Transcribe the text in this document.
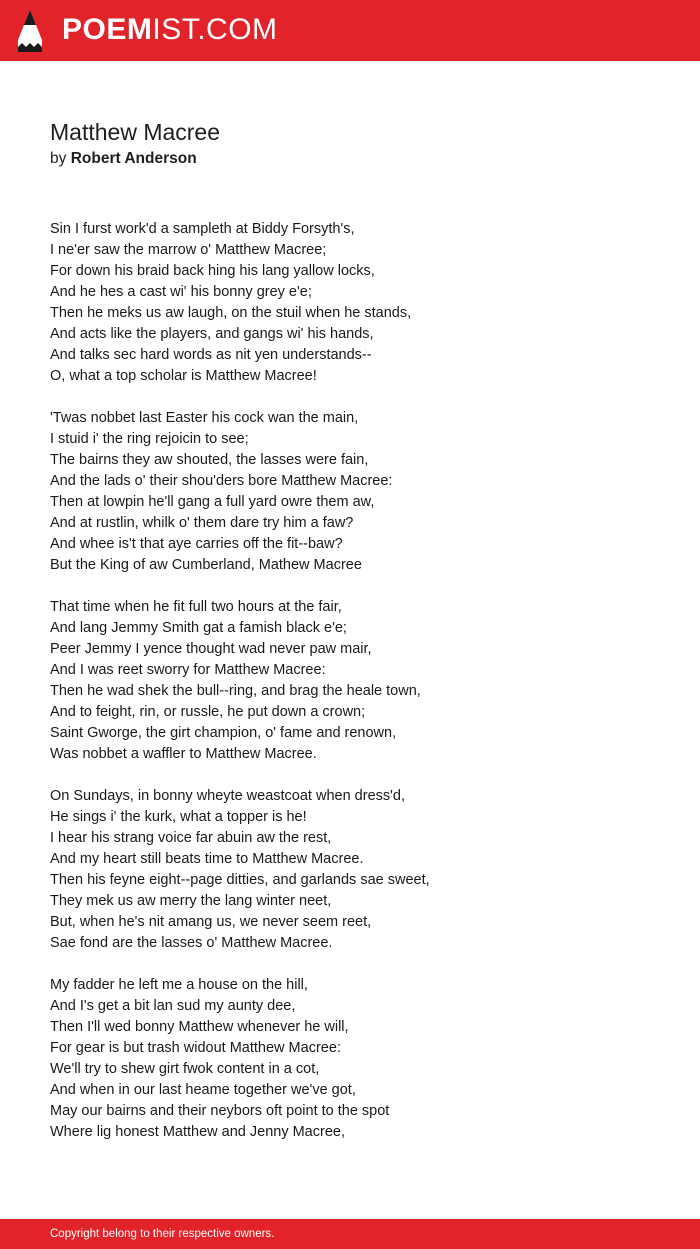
POEMIST.COM
Matthew Macree
by Robert Anderson
Sin I furst work'd a sampleth at Biddy Forsyth's,
I ne'er saw the marrow o' Matthew Macree;
For down his braid back hing his lang yallow locks,
And he hes a cast wi' his bonny grey e'e;
Then he meks us aw laugh, on the stuil when he stands,
And acts like the players, and gangs wi' his hands,
And talks sec hard words as nit yen understands--
O, what a top scholar is Matthew Macree!
'Twas nobbet last Easter his cock wan the main,
I stuid i' the ring rejoicin to see;
The bairns they aw shouted, the lasses were fain,
And the lads o' their shou'ders bore Matthew Macree:
Then at lowpin he'll gang a full yard owre them aw,
And at rustlin, whilk o' them dare try him a faw?
And whee is't that aye carries off the fit--baw?
But the King of aw Cumberland, Mathew Macree
That time when he fit full two hours at the fair,
And lang Jemmy Smith gat a famish black e'e;
Peer Jemmy I yence thought wad never paw mair,
And I was reet sworry for Matthew Macree:
Then he wad shek the bull--ring, and brag the heale town,
And to feight, rin, or russle, he put down a crown;
Saint Gworge, the girt champion, o' fame and renown,
Was nobbet a waffler to Matthew Macree.
On Sundays, in bonny wheyte weastcoat when dress'd,
He sings i' the kurk, what a topper is he!
I hear his strang voice far abuin aw the rest,
And my heart still beats time to Matthew Macree.
Then his feyne eight--page ditties, and garlands sae sweet,
They mek us aw merry the lang winter neet,
But, when he's nit amang us, we never seem reet,
Sae fond are the lasses o' Matthew Macree.
My fadder he left me a house on the hill,
And I's get a bit lan sud my aunty dee,
Then I'll wed bonny Matthew whenever he will,
For gear is but trash widout Matthew Macree:
We'll try to shew girt fwok content in a cot,
And when in our last heame together we've got,
May our bairns and their neybors oft point to the spot
Where lig honest Matthew and Jenny Macree,
Copyright belong to their respective owners.
